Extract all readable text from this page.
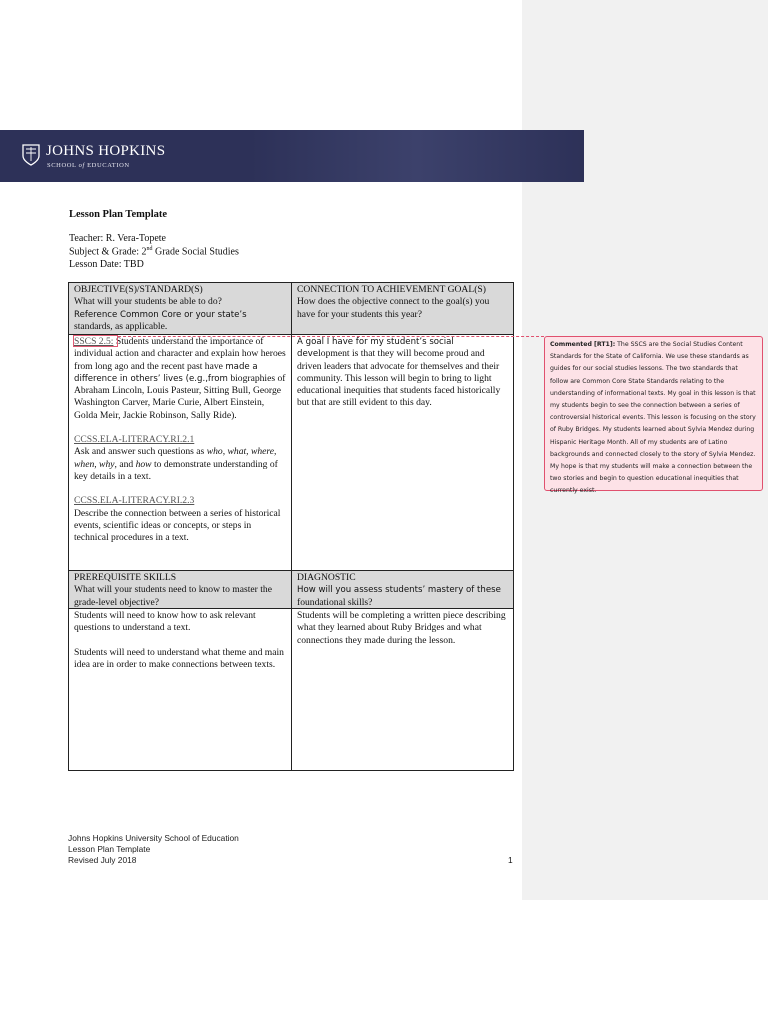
JOHNS HOPKINS
SCHOOL of EDUCATION
Lesson Plan Template
Teacher: R. Vera-Topete
Subject & Grade: 2nd Grade Social Studies
Lesson Date: TBD
OBJECTIVE(S)/STANDARD(S)
What will your students be able to do?
Reference Common Core or your state’s
standards, as applicable.
CONNECTION TO ACHIEVEMENT GOAL(S)
How does the objective connect to the goal(s) you have for your students this year?
SSCS 2.5: Students understand the importance of individual action and character and explain how heroes from long ago and the recent past have made a difference in others’ lives (e.g.,from biographies of Abraham Lincoln, Louis Pasteur, Sitting Bull, George Washington Carver, Marie Curie, Albert Einstein, Golda Meir, Jackie Robinson, Sally Ride).
CCSS.ELA-LITERACY.RI.2.1
Ask and answer such questions as who, what, where, when, why, and how to demonstrate understanding of key details in a text.
CCSS.ELA-LITERACY.RI.2.3
Describe the connection between a series of historical events, scientific ideas or concepts, or steps in technical procedures in a text.
A goal I have for my student’s social development is that they will become proud and driven leaders that advocate for themselves and their community. This lesson will begin to bring to light educational inequities that students faced historically but that are still evident to this day.
PREREQUISITE SKILLS
What will your students need to know to master the grade-level objective?
DIAGNOSTIC
How will you assess students’ mastery of these
foundational skills?
Students will need to know how to ask relevant questions to understand a text.
Students will need to understand what theme and main idea are in order to make connections between texts.
Students will be completing a written piece describing what they learned about Ruby Bridges and what connections they made during the lesson.
Commented [RT1]: The SSCS are the Social Studies Content Standards for the State of California. We use these standards as guides for our social studies lessons. The two standards that follow are Common Core State Standards relating to the understanding of informational texts. My goal in this lesson is that my students begin to see the connection between a series of controversial historical events. This lesson is focusing on the story of Ruby Bridges. My students learned about Sylvia Mendez during Hispanic Heritage Month. All of my students are of Latino backgrounds and connected closely to the story of Sylvia Mendez. My hope is that my students will make a connection between the two stories and begin to question educational inequities that currently exist.
Johns Hopkins University School of Education
Lesson Plan Template
Revised July 2018	1
